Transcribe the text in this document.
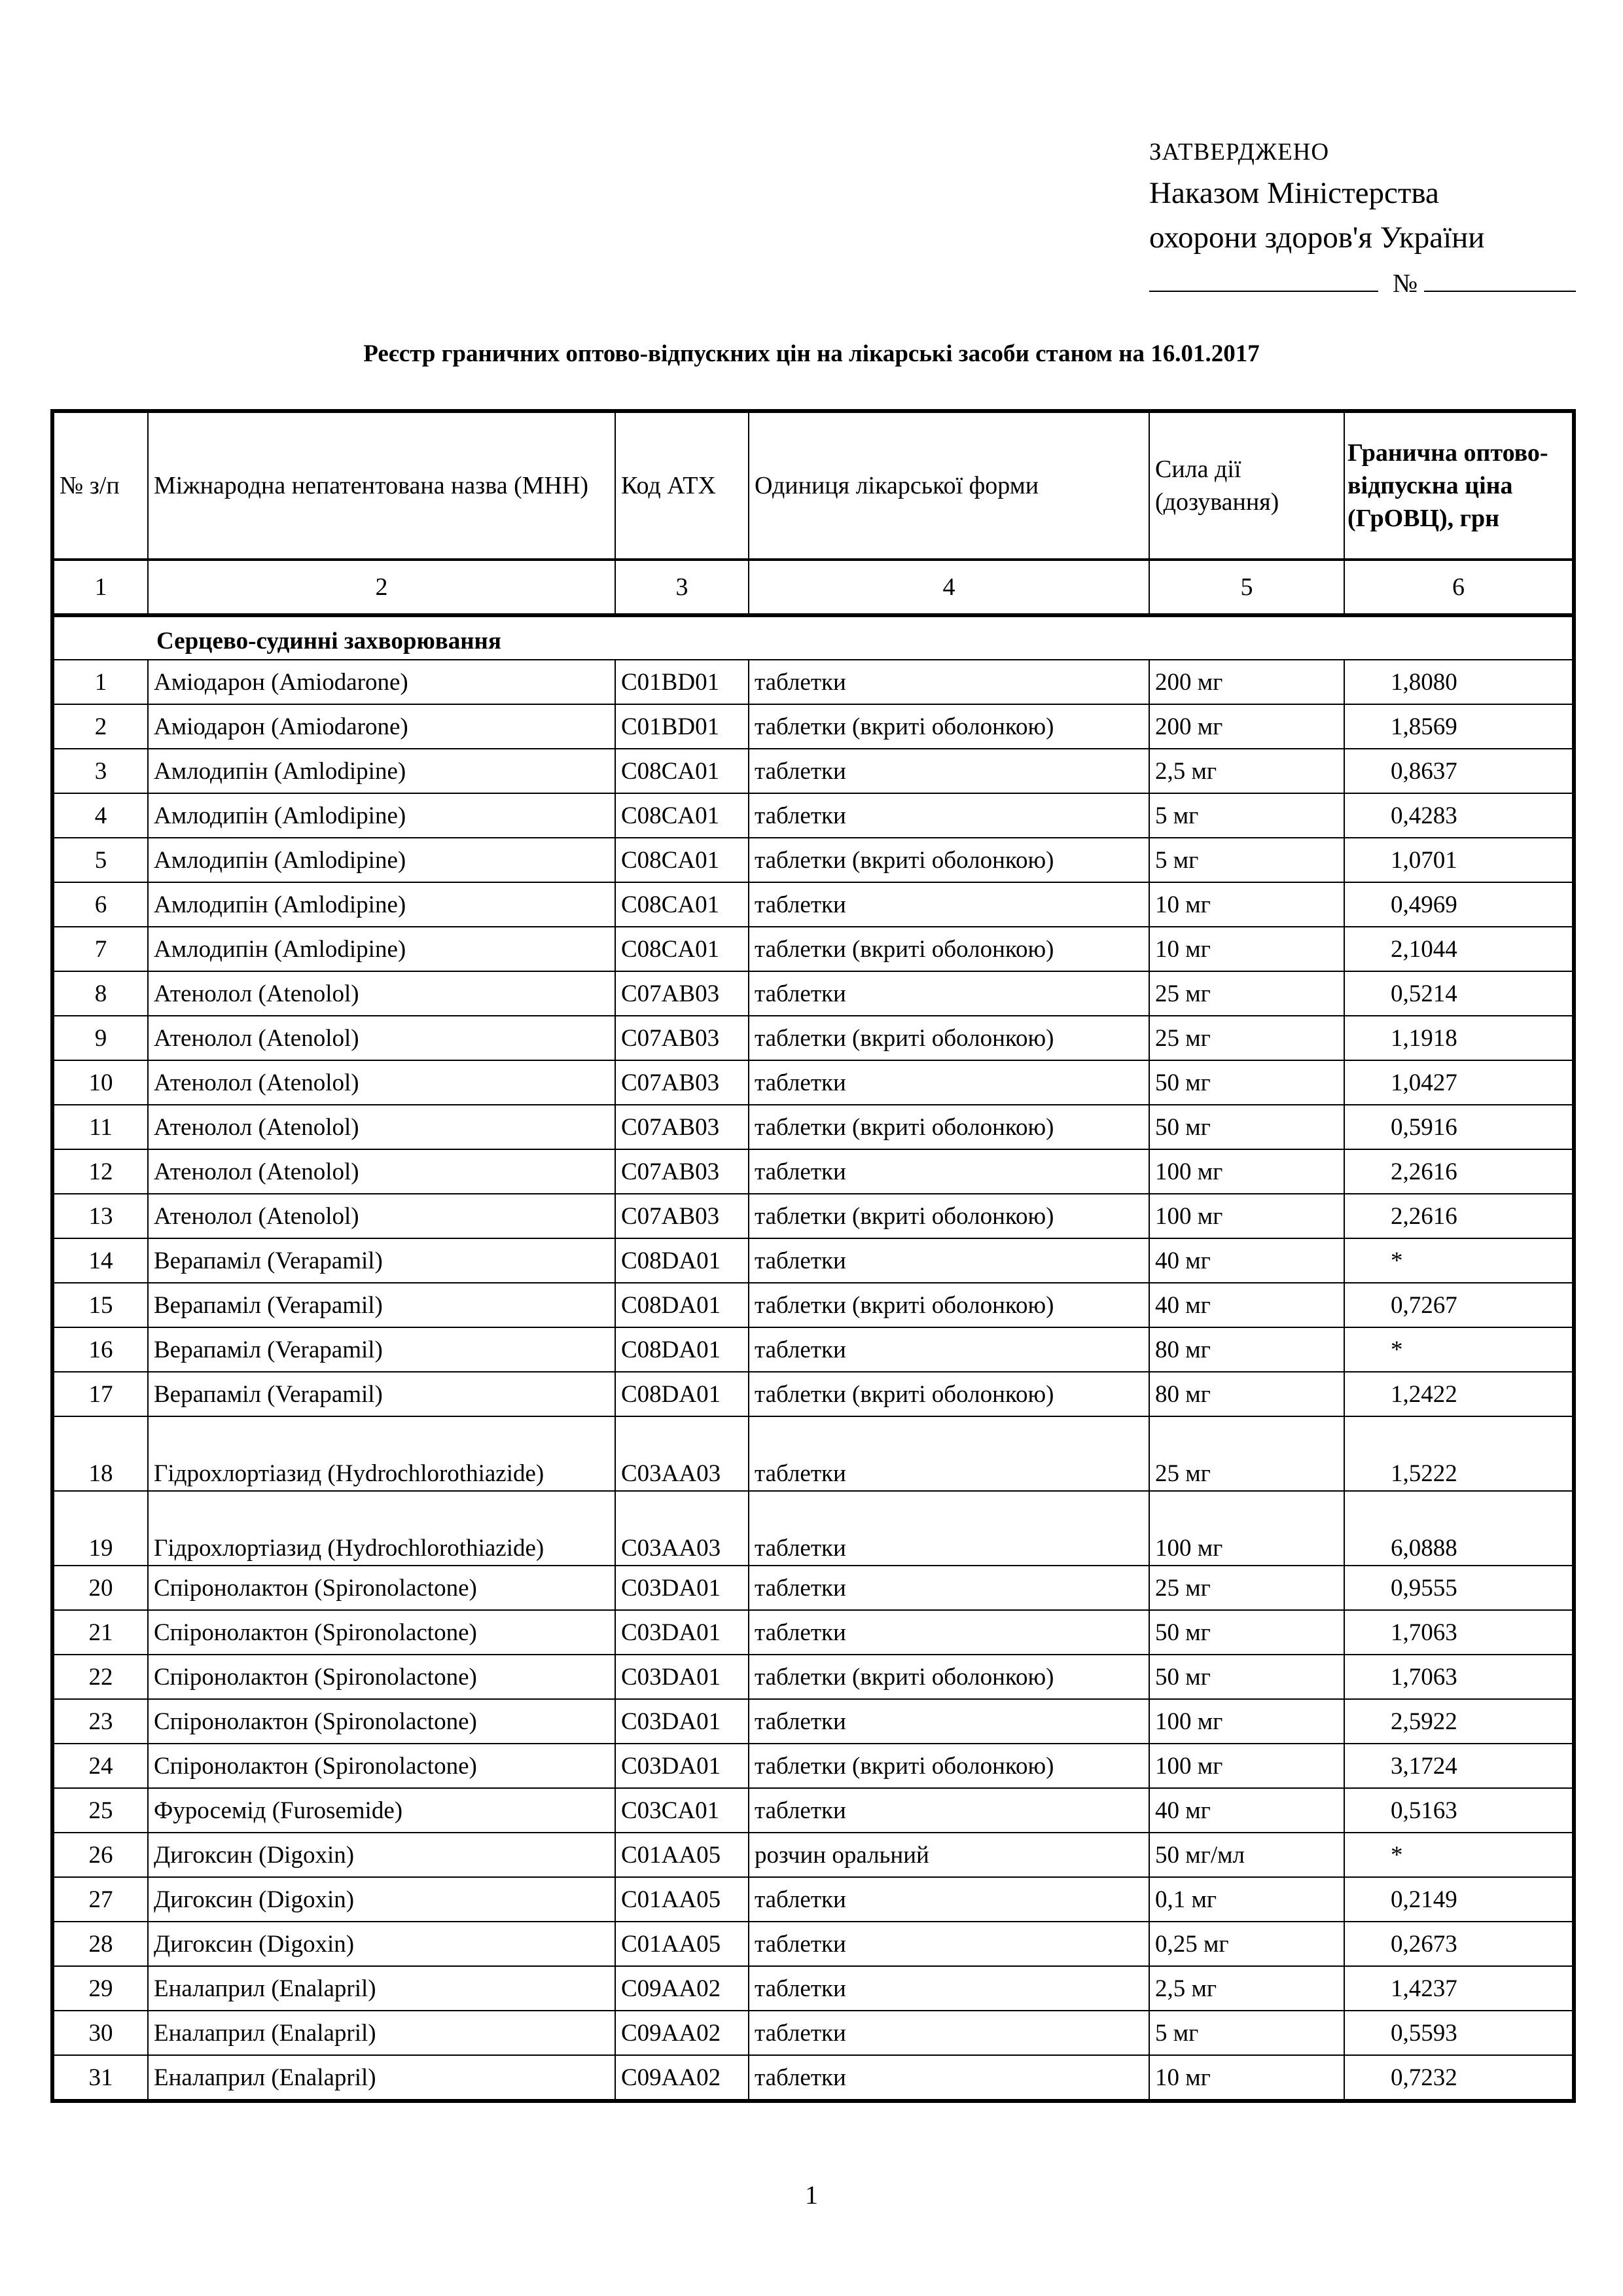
ЗАТВЕРДЖЕНО
Наказом Міністерства
охорони здоров'я України
№
Реєстр граничних оптово-відпускних цін на лікарські засоби станом на 16.01.2017
№ з/п	Міжнародна непатентована назва (МНН)	Код АТХ	Одиниця лікарської форми	Сила дії (дозування)	Гранична оптово-відпускна ціна (ГрОВЦ), грн
1	2	3	4	5	6

Серцево-судинні захворювання					

1	Аміодарон (Amiodarone)	C01BD01	таблетки	200 мг	1,8080
2	Аміодарон (Amiodarone)	C01BD01	таблетки (вкриті оболонкою)	200 мг	1,8569
3	Амлодипін (Amlodipine)	C08CA01	таблетки	2,5 мг	0,8637
4	Амлодипін (Amlodipine)	C08CA01	таблетки	5 мг	0,4283
5	Амлодипін (Amlodipine)	C08CA01	таблетки (вкриті оболонкою)	5 мг	1,0701
6	Амлодипін (Amlodipine)	C08CA01	таблетки	10 мг	0,4969
7	Амлодипін (Amlodipine)	C08CA01	таблетки (вкриті оболонкою)	10 мг	2,1044
8	Атенолол (Atenolol)	C07AB03	таблетки	25 мг	0,5214
9	Атенолол (Atenolol)	C07AB03	таблетки (вкриті оболонкою)	25 мг	1,1918
10	Атенолол (Atenolol)	C07AB03	таблетки	50 мг	1,0427
11	Атенолол (Atenolol)	C07AB03	таблетки (вкриті оболонкою)	50 мг	0,5916
12	Атенолол (Atenolol)	C07AB03	таблетки	100 мг	2,2616
13	Атенолол (Atenolol)	C07AB03	таблетки (вкриті оболонкою)	100 мг	2,2616
14	Верапаміл (Verapamil)	C08DA01	таблетки	40 мг	*
15	Верапаміл (Verapamil)	C08DA01	таблетки (вкриті оболонкою)	40 мг	0,7267
16	Верапаміл (Verapamil)	C08DA01	таблетки	80 мг	*
17	Верапаміл (Verapamil)	C08DA01	таблетки (вкриті оболонкою)	80 мг	1,2422
18	Гідрохлортіазид (Hydrochlorothiazide)	C03AA03	таблетки	25 мг	1,5222
19	Гідрохлортіазид (Hydrochlorothiazide)	C03AA03	таблетки	100 мг	6,0888
20	Спіронолактон (Spironolactone)	C03DA01	таблетки	25 мг	0,9555
21	Спіронолактон (Spironolactone)	C03DA01	таблетки	50 мг	1,7063
22	Спіронолактон (Spironolactone)	C03DA01	таблетки (вкриті оболонкою)	50 мг	1,7063
23	Спіронолактон (Spironolactone)	C03DA01	таблетки	100 мг	2,5922
24	Спіронолактон (Spironolactone)	C03DA01	таблетки (вкриті оболонкою)	100 мг	3,1724
25	Фуросемід (Furosemide)	C03CA01	таблетки	40 мг	0,5163
26	Дигоксин (Digoxin)	C01AA05	розчин оральний	50 мг/мл	*
27	Дигоксин (Digoxin)	C01AA05	таблетки	0,1 мг	0,2149
28	Дигоксин (Digoxin)	C01AA05	таблетки	0,25 мг	0,2673
29	Еналаприл (Enalapril)	C09AA02	таблетки	2,5 мг	1,4237
30	Еналаприл (Enalapril)	C09AA02	таблетки	5 мг	0,5593
31	Еналаприл (Enalapril)	C09AA02	таблетки	10 мг	0,7232
1
